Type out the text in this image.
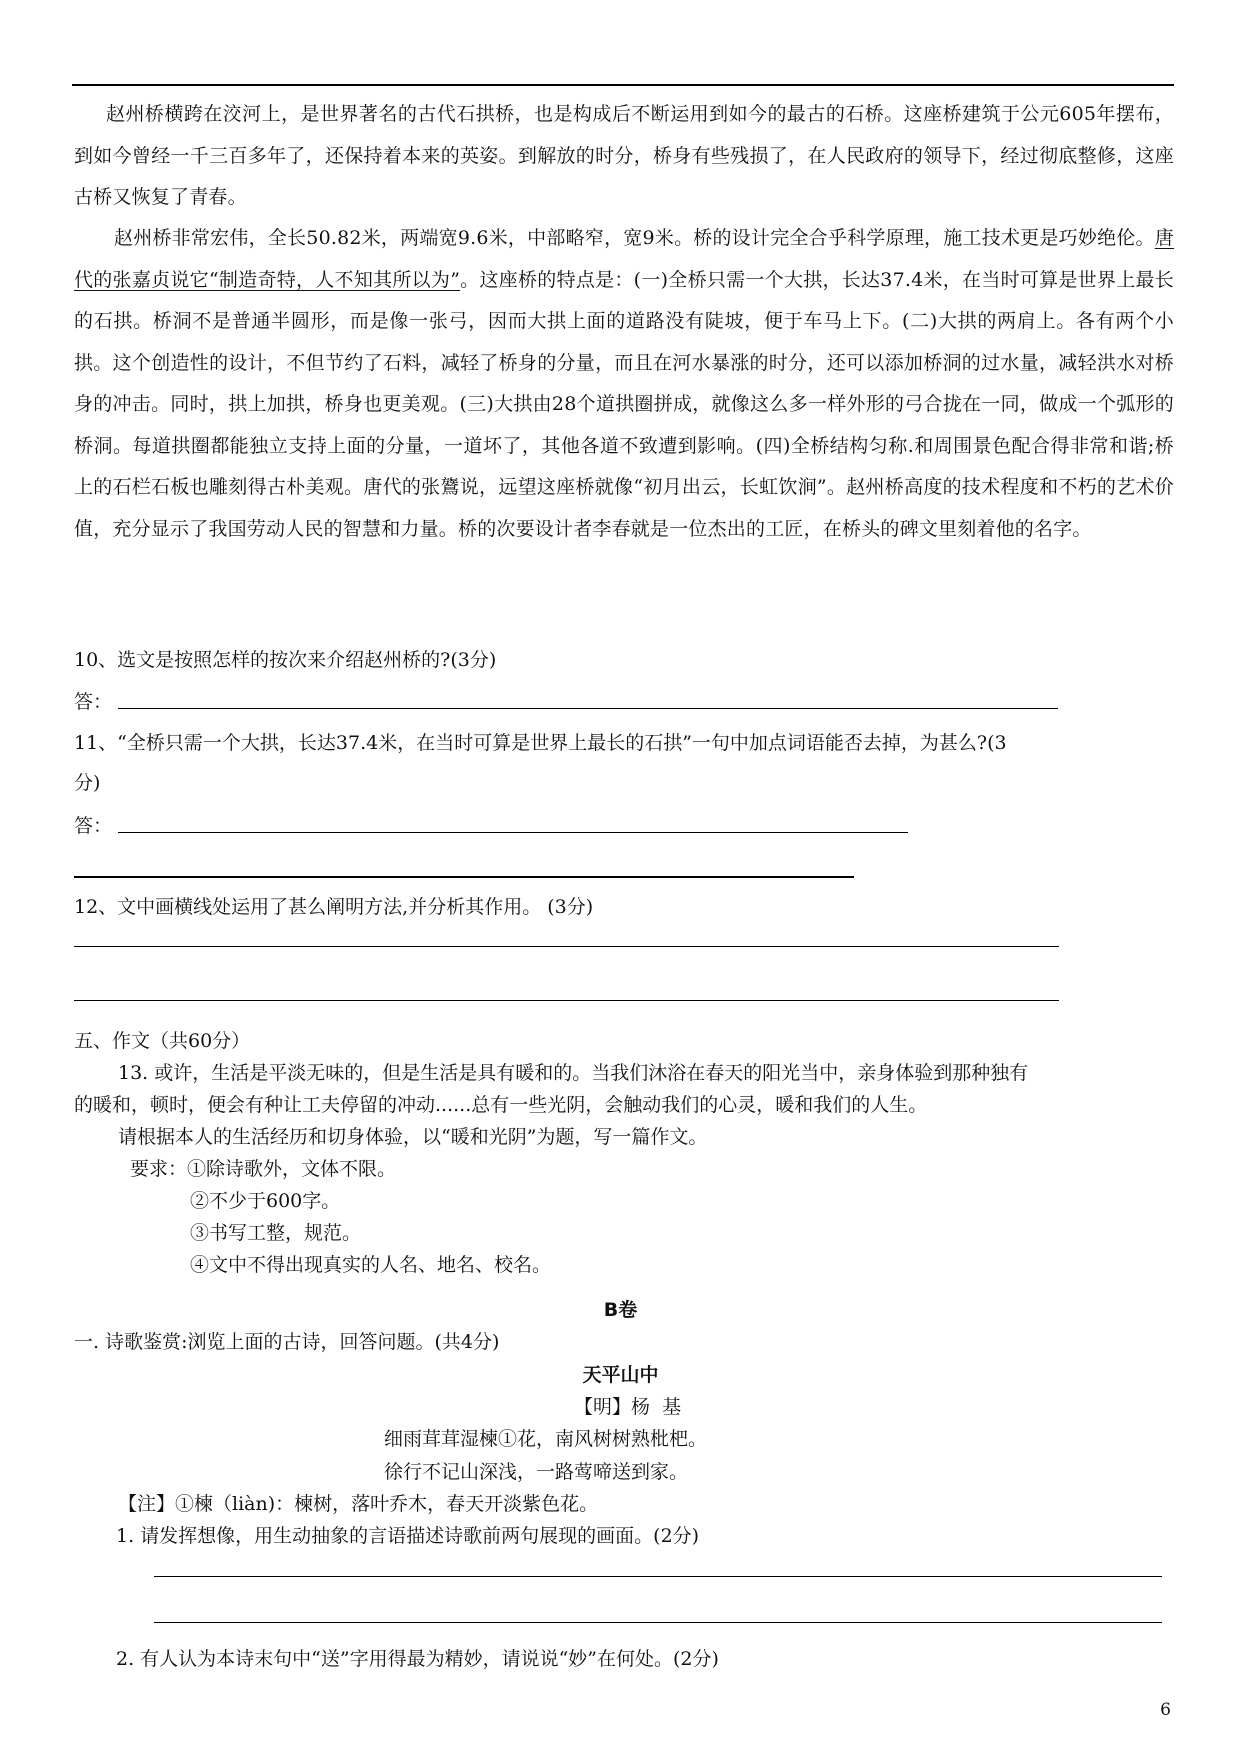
赵州桥横跨在洨河上，是世界著名的古代石拱桥，也是构成后不断运用到如今的最古的石桥。这座桥建筑于公元605年摆布，到如今曾经一千三百多年了，还保持着本来的英姿。到解放的时分，桥身有些残损了，在人民政府的领导下，经过彻底整修，这座古桥又恢复了青春。

赵州桥非常宏伟，全长50.82米，两端宽9.6米，中部略窄，宽9米。桥的设计完全合乎科学原理，施工技术更是巧妙绝伦。唐代的张嘉贞说它“制造奇特，人不知其所以为”。这座桥的特点是：(一)全桥只需一个大拱，长达37.4米，在当时可算是世界上最长的石拱。桥洞不是普通半圆形，而是像一张弓，因而大拱上面的道路没有陡坡，便于车马上下。(二)大拱的两肩上。各有两个小拱。这个创造性的设计，不但节约了石料，减轻了桥身的分量，而且在河水暴涨的时分，还可以添加桥洞的过水量，减轻洪水对桥身的冲击。同时，拱上加拱，桥身也更美观。(三)大拱由28个道拱圈拼成，就像这么多一样外形的弓合拢在一同，做成一个弧形的桥洞。每道拱圈都能独立支持上面的分量，一道坏了，其他各道不致遭到影响。(四)全桥结构匀称.和周围景色配合得非常和谐;桥上的石栏石板也雕刻得古朴美观。唐代的张鷟说，远望这座桥就像“初月出云，长虹饮涧”。赵州桥高度的技术程度和不朽的艺术价值，充分显示了我国劳动人民的智慧和力量。桥的次要设计者李春就是一位杰出的工匠，在桥头的碑文里刻着他的名字。

10、选文是按照怎样的按次来介绍赵州桥的?(3分)
答：
11、“全桥只需一个大拱，长达37.4米，在当时可算是世界上最长的石拱”一句中加点词语能否去掉，为甚么?(3
分)
答：
12、文中画横线处运用了甚么阐明方法,并分析其作用。 (3分)
五、作文（共60分）
13. 或许，生活是平淡无味的，但是生活是具有暖和的。当我们沐浴在春天的阳光当中，亲身体验到那种独有
的暖和，顿时，便会有种让工夫停留的冲动......总有一些光阴，会触动我们的心灵，暖和我们的人生。
请根据本人的生活经历和切身体验，以“暖和光阴”为题，写一篇作文。
要求：①除诗歌外，文体不限。
②不少于600字。
③书写工整，规范。
④文中不得出现真实的人名、地名、校名。
B卷
一. 诗歌鉴赏:浏览上面的古诗，回答问题。(共4分)
天平山中
【明】杨  基
细雨茸茸湿楝①花，南风树树熟枇杷。
徐行不记山深浅，一路莺啼送到家。
【注】①楝（liàn)：楝树，落叶乔木，春天开淡紫色花。
1. 请发挥想像，用生动抽象的言语描述诗歌前两句展现的画面。(2分)
2. 有人认为本诗末句中“送”字用得最为精妙，请说说“妙”在何处。(2分)
6
